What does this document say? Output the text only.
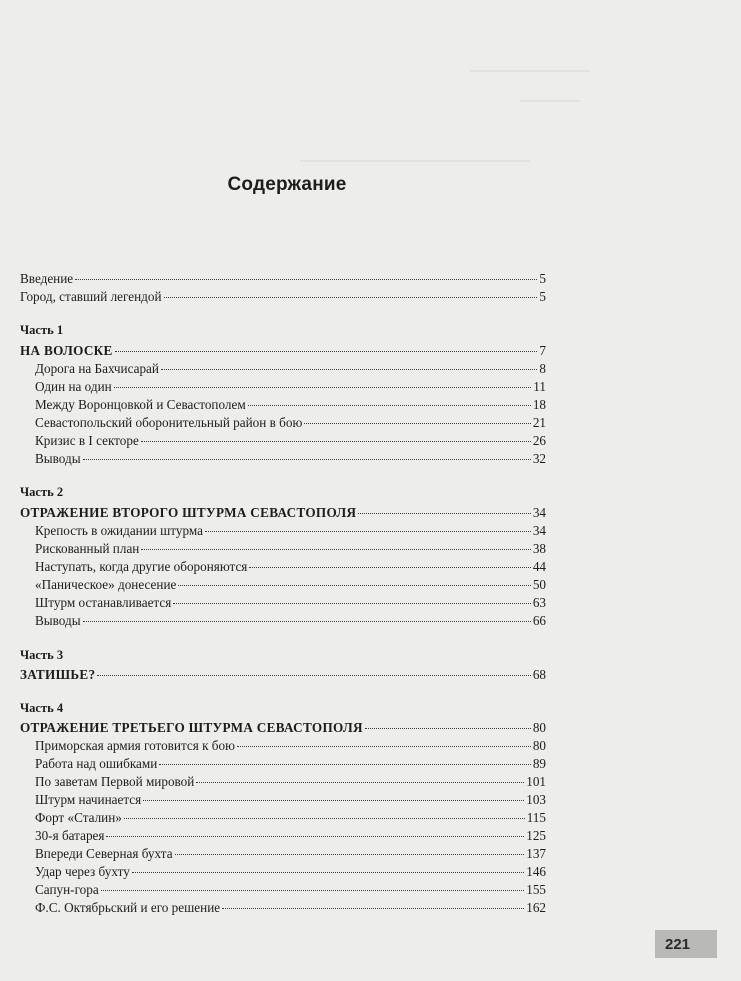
Содержание
Введение	5
Город, ставший легендой	5
Часть 1
НА ВОЛОСКЕ	7
Дорога на Бахчисарай	8
Один на один	11
Между Воронцовкой и Севастополем	18
Севастопольский оборонительный район в бою	21
Кризис в I секторе	26
Выводы	32
Часть 2
ОТРАЖЕНИЕ ВТОРОГО ШТУРМА СЕВАСТОПОЛЯ	34
Крепость в ожидании штурма	34
Рискованный план	38
Наступать, когда другие обороняются	44
«Паническое» донесение	50
Штурм останавливается	63
Выводы	66
Часть 3
ЗАТИШЬЕ?	68
Часть 4
ОТРАЖЕНИЕ ТРЕТЬЕГО ШТУРМА СЕВАСТОПОЛЯ	80
Приморская армия готовится к бою	80
Работа над ошибками	89
По заветам Первой мировой	101
Штурм начинается	103
Форт «Сталин»	115
30-я батарея	125
Впереди Северная бухта	137
Удар через бухту	146
Сапун-гора	155
Ф.С. Октябрьский и его решение	162
221
